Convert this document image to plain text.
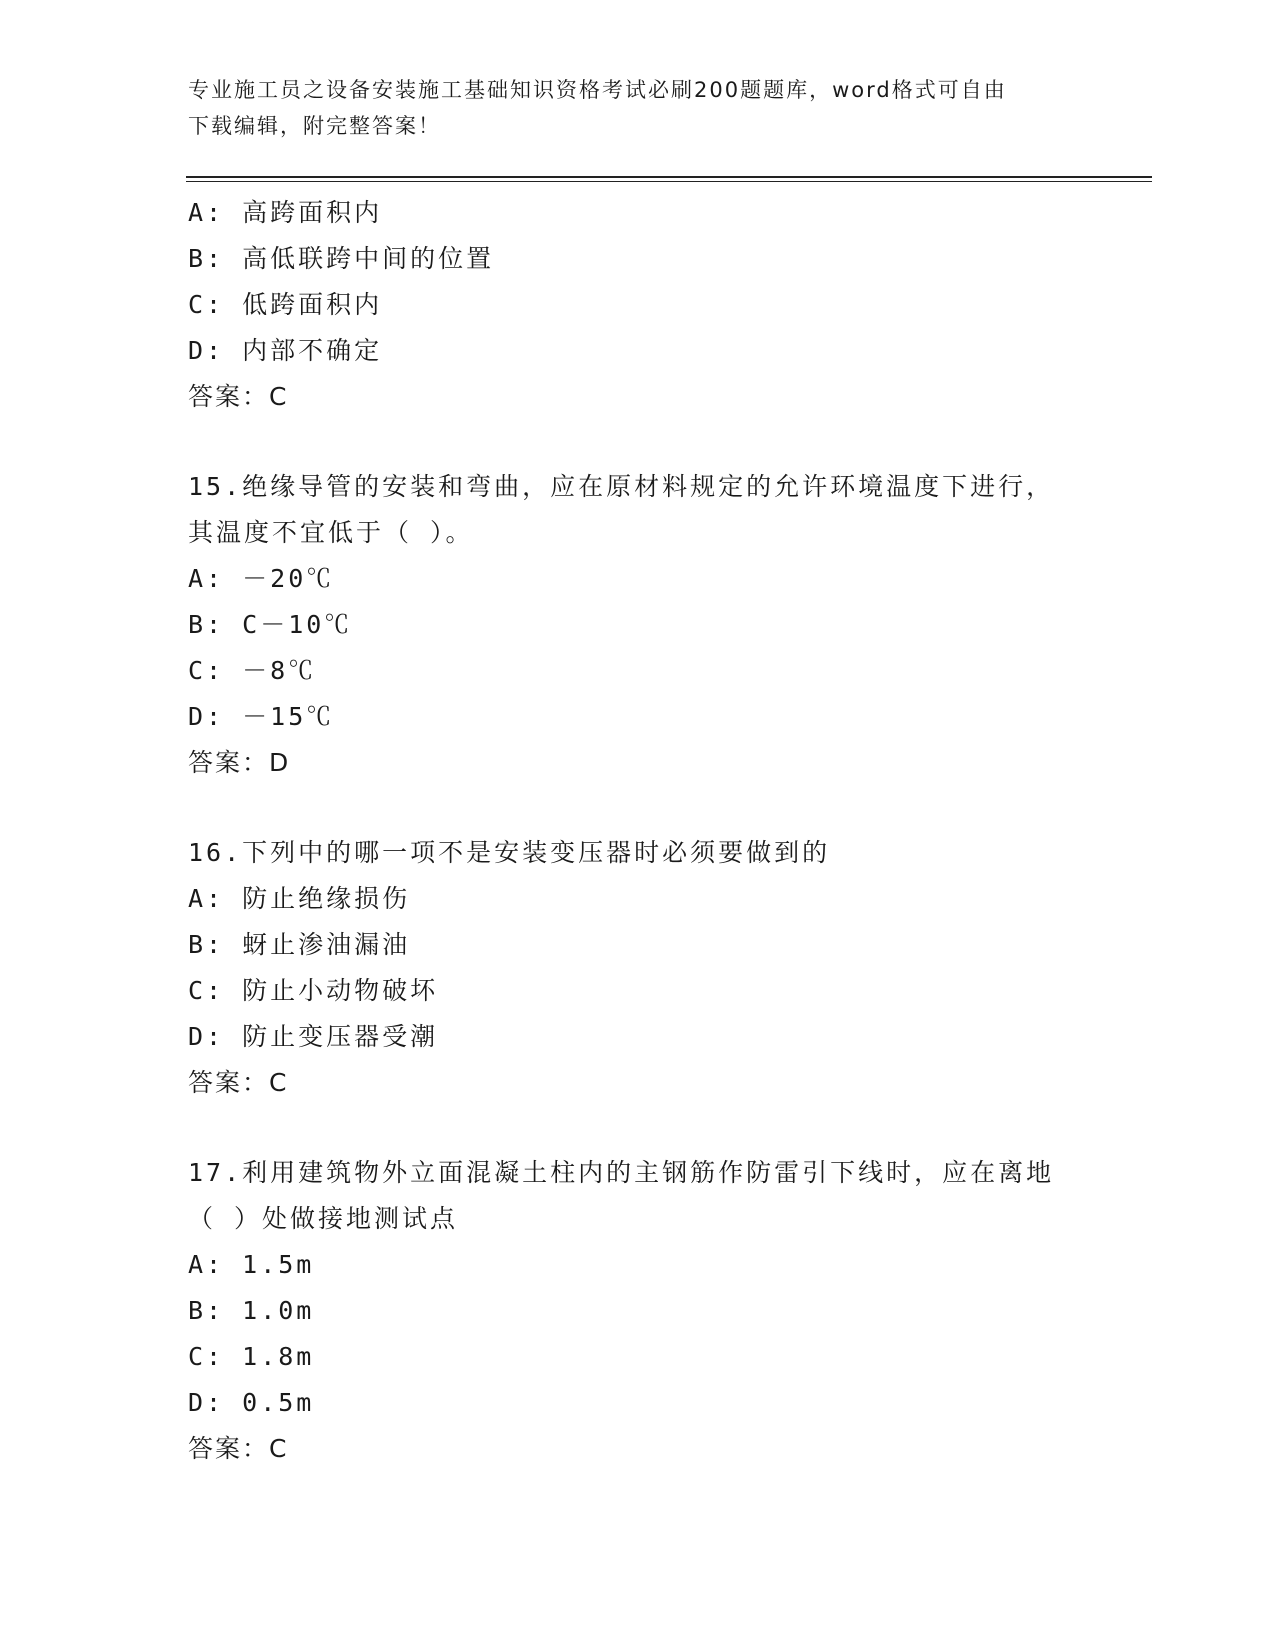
专业施工员之设备安装施工基础知识资格考试必刷200题题库，word格式可自由
下载编辑，附完整答案！
A: 高跨面积内
B: 高低联跨中间的位置
C: 低跨面积内
D: 内部不确定
答案：C
15.绝缘导管的安装和弯曲，应在原材料规定的允许环境温度下进行，
其温度不宜低于（ ）。
A: －20℃
B: C－10℃
C: －8℃
D: －15℃
答案：D
16.下列中的哪一项不是安装变压器时必须要做到的
A: 防止绝缘损伤
B: 蚜止渗油漏油
C: 防止小动物破坏
D: 防止变压器受潮
答案：C
17.利用建筑物外立面混凝土柱内的主钢筋作防雷引下线时，应在离地
（ ）处做接地测试点
A: 1.5m
B: 1.0m
C: 1.8m
D: 0.5m
答案：C
